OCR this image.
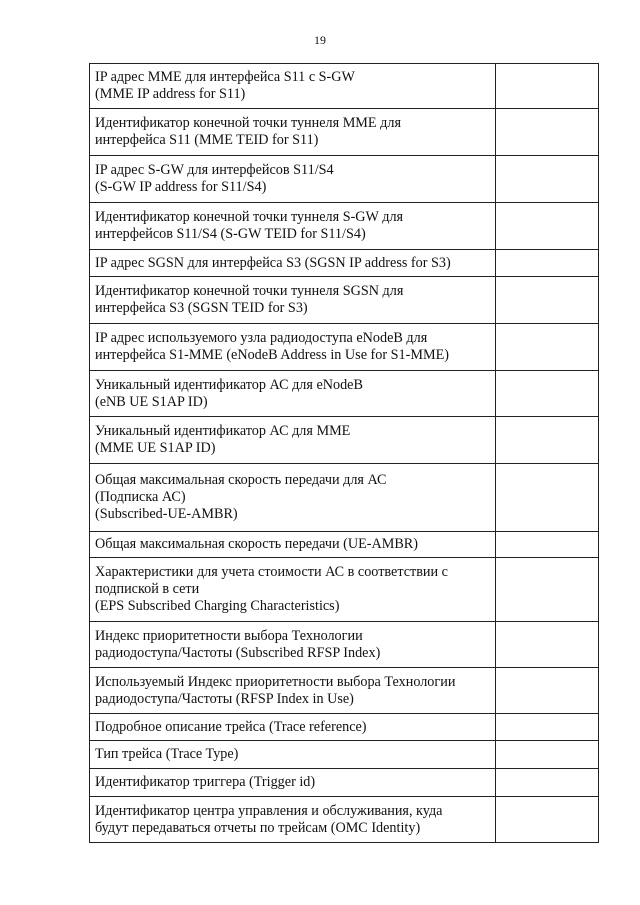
19
IP адрес MME для интерфейса S11 с S-GW
(MME IP address for S11)	
Идентификатор конечной точки туннеля MME для
интерфейса S11 (MME TEID for S11)	
IP адрес S-GW для интерфейсов S11/S4
(S-GW IP address for S11/S4)	
Идентификатор конечной точки туннеля S-GW для
интерфейсов S11/S4 (S-GW TEID for S11/S4)	
IP адрес SGSN для интерфейса S3 (SGSN IP address for S3)	
Идентификатор конечной точки туннеля SGSN для
интерфейса S3 (SGSN TEID for S3)	
IP адрес используемого узла радиодоступа eNodeB для
интерфейса S1-MME (eNodeB Address in Use for S1-MME)	
Уникальный идентификатор АС для eNodeB
(eNB UE S1AP ID)	
Уникальный идентификатор АС для MME
(MME UE S1AP ID)	
Общая максимальная скорость передачи для АС
(Подписка АС)
(Subscribed-UE-AMBR)	
Общая максимальная скорость передачи (UE-AMBR)	
Характеристики для учета стоимости АС в соответствии с
подпиской в сети
(EPS Subscribed Charging Characteristics)	
Индекс приоритетности выбора Технологии
радиодоступа/Частоты (Subscribed RFSP Index)	
Используемый Индекс приоритетности выбора Технологии
радиодоступа/Частоты (RFSP Index in Use)	
Подробное описание трейса (Trace reference)	
Тип трейса (Trace Type)	
Идентификатор триггера (Trigger id)	
Идентификатор центра управления и обслуживания, куда
будут передаваться отчеты по трейсам (OMC Identity)	
